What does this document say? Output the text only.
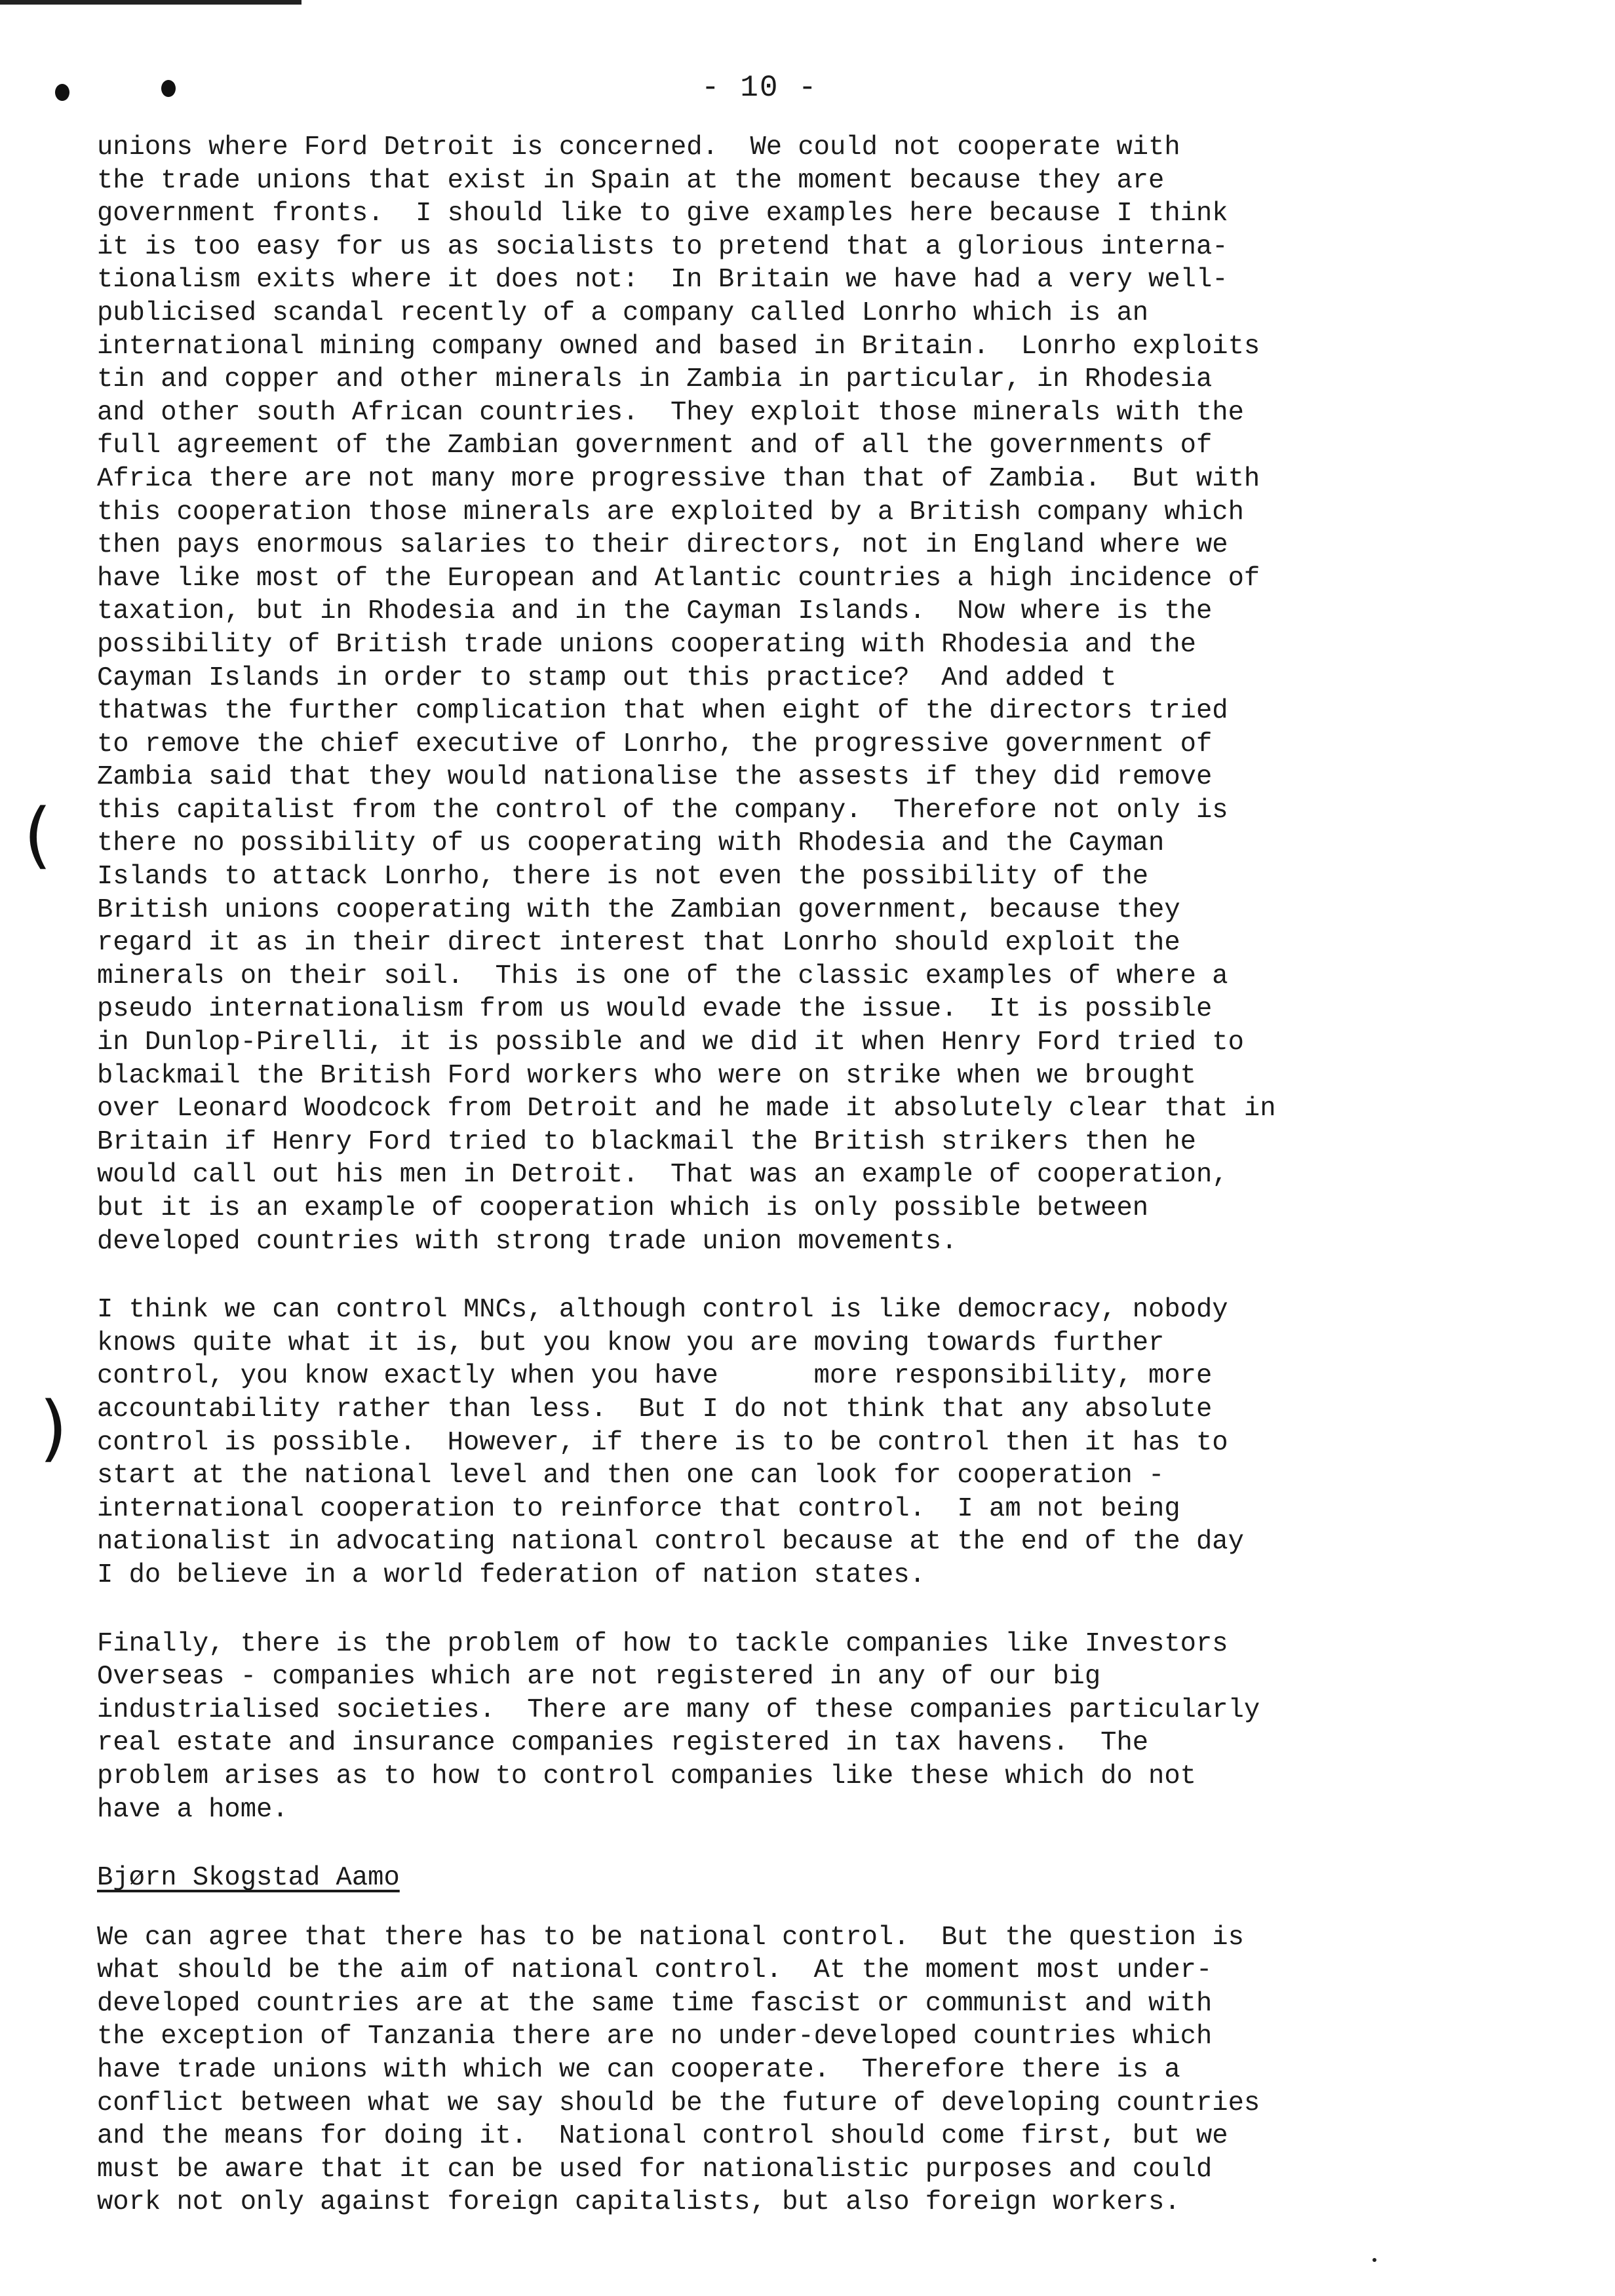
- 10 -
(
(

unions where Ford Detroit is concerned.  We could not cooperate with
the trade unions that exist in Spain at the moment because they are
government fronts.  I should like to give examples here because I think
it is too easy for us as socialists to pretend that a glorious interna-
tionalism exits where it does not:  In Britain we have had a very well-
publicised scandal recently of a company called Lonrho which is an
international mining company owned and based in Britain.  Lonrho exploits
tin and copper and other minerals in Zambia in particular, in Rhodesia
and other south African countries.  They exploit those minerals with the
full agreement of the Zambian government and of all the governments of
Africa there are not many more progressive than that of Zambia.  But with
this cooperation those minerals are exploited by a British company which
then pays enormous salaries to their directors, not in England where we
have like most of the European and Atlantic countries a high incidence of
taxation, but in Rhodesia and in the Cayman Islands.  Now where is the
possibility of British trade unions cooperating with Rhodesia and the
Cayman Islands in order to stamp out this practice?  And added t
thatwas the further complication that when eight of the directors tried
to remove the chief executive of Lonrho, the progressive government of
Zambia said that they would nationalise the assests if they did remove
this capitalist from the control of the company.  Therefore not only is
there no possibility of us cooperating with Rhodesia and the Cayman
Islands to attack Lonrho, there is not even the possibility of the
British unions cooperating with the Zambian government, because they
regard it as in their direct interest that Lonrho should exploit the
minerals on their soil.  This is one of the classic examples of where a
pseudo internationalism from us would evade the issue.  It is possible
in Dunlop-Pirelli, it is possible and we did it when Henry Ford tried to
blackmail the British Ford workers who were on strike when we brought
over Leonard Woodcock from Detroit and he made it absolutely clear that in
Britain if Henry Ford tried to blackmail the British strikers then he
would call out his men in Detroit.  That was an example of cooperation,
but it is an example of cooperation which is only possible between
developed countries with strong trade union movements.

I think we can control MNCs, although control is like democracy, nobody
knows quite what it is, but you know you are moving towards further
control, you know exactly when you have      more responsibility, more
accountability rather than less.  But I do not think that any absolute
control is possible.  However, if there is to be control then it has to
start at the national level and then one can look for cooperation -
international cooperation to reinforce that control.  I am not being
nationalist in advocating national control because at the end of the day
I do believe in a world federation of nation states.

Finally, there is the problem of how to tackle companies like Investors
Overseas - companies which are not registered in any of our big
industrialised societies.  There are many of these companies particularly
real estate and insurance companies registered in tax havens.  The
problem arises as to how to control companies like these which do not
have a home.

Bjørn Skogstad Aamo

We can agree that there has to be national control.  But the question is
what should be the aim of national control.  At the moment most under-
developed countries are at the same time fascist or communist and with
the exception of Tanzania there are no under-developed countries which
have trade unions with which we can cooperate.  Therefore there is a
conflict between what we say should be the future of developing countries
and the means for doing it.  National control should come first, but we
must be aware that it can be used for nationalistic purposes and could
work not only against foreign capitalists, but also foreign workers.
